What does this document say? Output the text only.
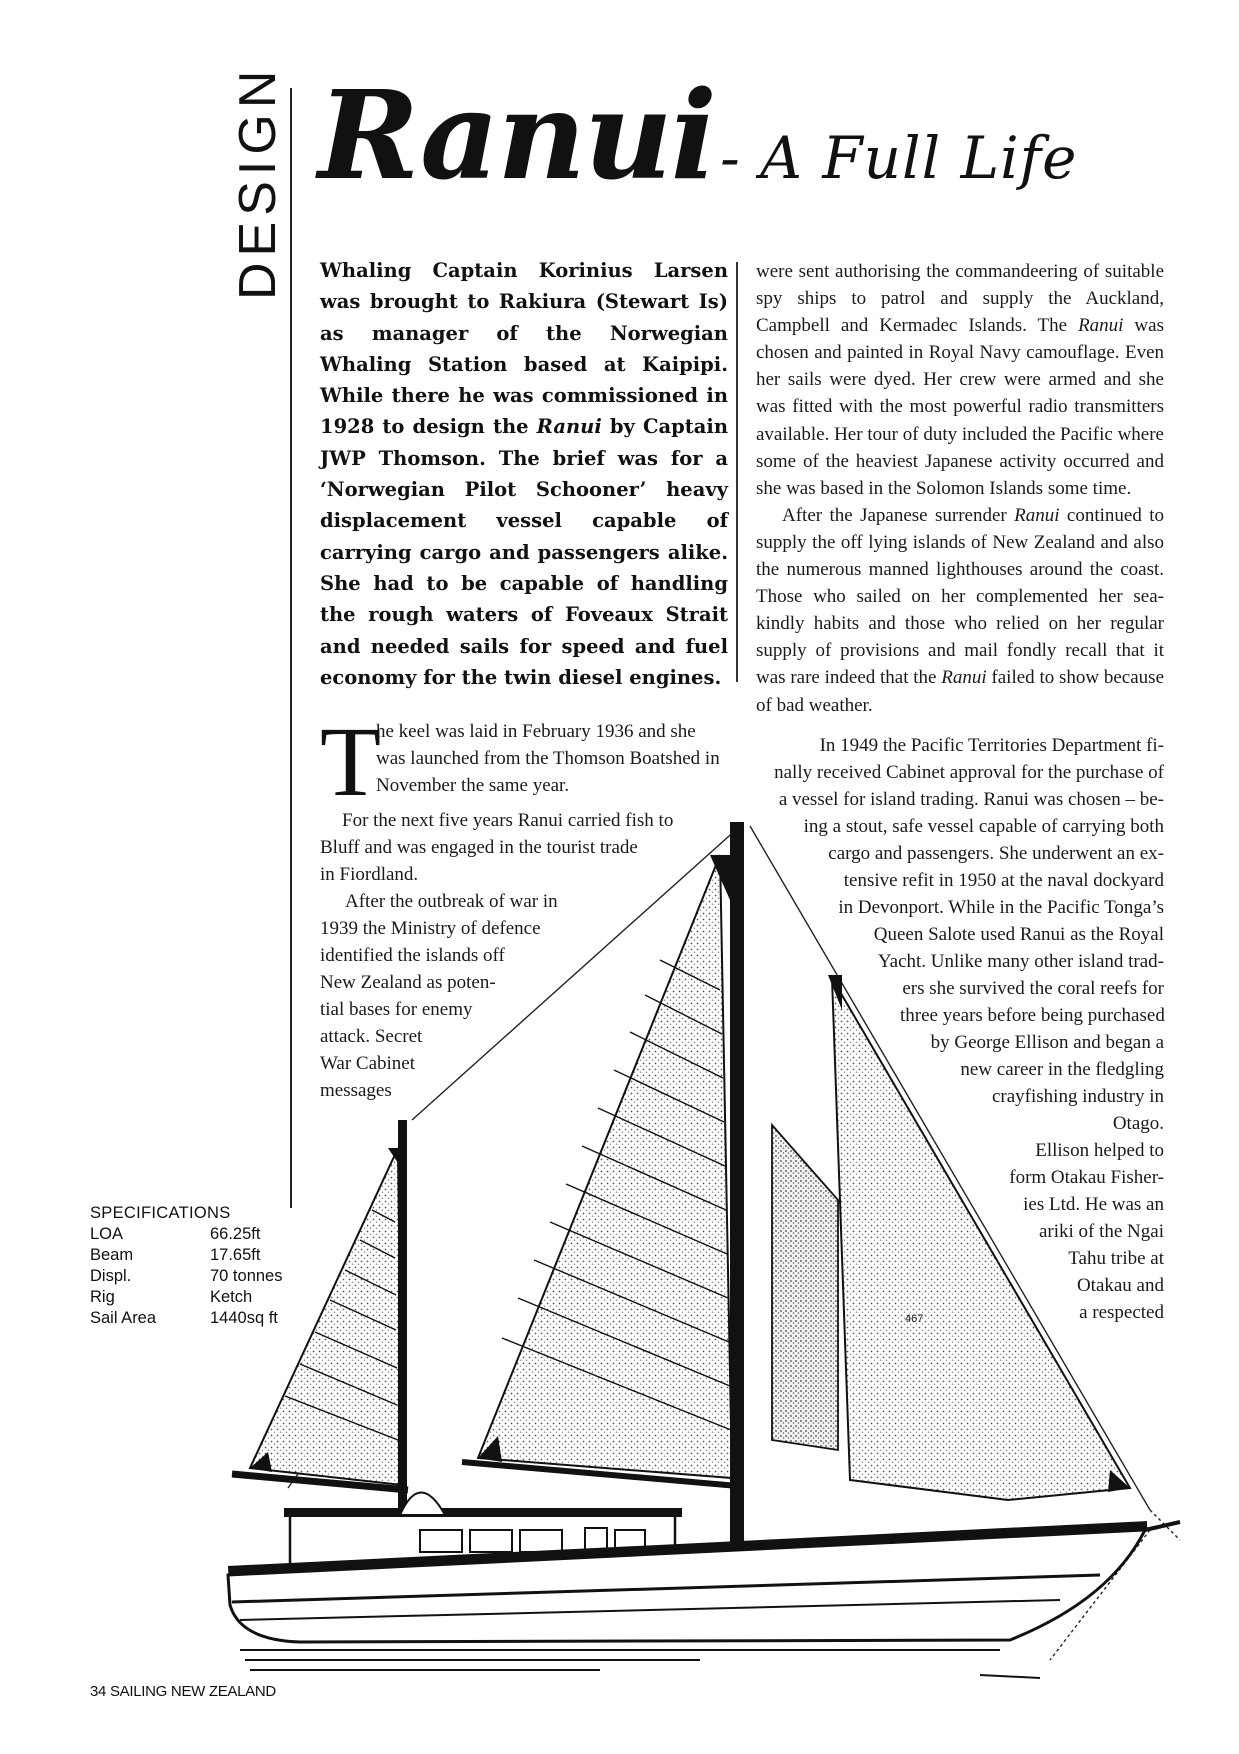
DESIGN Ranui - A Full Life
Whaling Captain Korinius Larsen was brought to Rakiura (Stewart Is) as manager of the Norwegian Whaling Station based at Kaipipi. While there he was commissioned in 1928 to design the Ranui by Captain JWP Thomson. The brief was for a ‘Norwegian Pilot Schooner’ heavy displacement vessel capable of carrying cargo and passengers alike. She had to be capable of handling the rough waters of Foveaux Strait and needed sails for speed and fuel economy for the twin diesel engines.
T

he keel was laid in February 1936 and she was launched from the Thomson Boatshed in November the same year.

For the next five years Ranui carried fish to
Bluff and was engaged in the tourist trade
in Fiordland.
After the outbreak of war in
1939 the Ministry of defence
identified the islands off
New Zealand as poten-
tial bases for enemy
attack. Secret
War Cabinet
messages

were sent authorising the commandeering of suitable spy ships to patrol and supply the Auckland, Campbell and Kermadec Islands. The Ranui was chosen and painted in Royal Navy camouflage. Even her sails were dyed. Her crew were armed and she was fitted with the most powerful radio transmitters available. Her tour of duty included the Pacific where some of the heaviest Japanese activity occurred and she was based in the Solomon Islands some time.

After the Japanese surrender Ranui continued to supply the off lying islands of New Zealand and also the numerous manned lighthouses around the coast. Those who sailed on her complemented her sea-kindly habits and those who relied on her regular supply of provisions and mail fondly recall that it was rare indeed that the Ranui failed to show because of bad weather.

In 1949 the Pacific Territories Department fi-
nally received Cabinet approval for the purchase of
a vessel for island trading. Ranui was chosen – be-
ing a stout, safe vessel capable of carrying both
cargo and passengers. She underwent an ex-
tensive refit in 1950 at the naval dockyard
in Devonport. While in the Pacific Tonga’s
Queen Salote used Ranui as the Royal
Yacht. Unlike many other island trad-
ers she survived the coral reefs for
three years before being purchased
by George Ellison and began a
new career in the fledgling
crayfishing industry in
Otago.
Ellison helped to
form Otakau Fisher-
ies Ltd. He was an
ariki of the Ngai
Tahu tribe at
Otakau and
a respected
467
SPECIFICATIONS
LOA	66.25ft
Beam	17.65ft
Displ.	70 tonnes
Rig	Ketch
Sail Area	1440sq ft
34 SAILING NEW ZEALAND
